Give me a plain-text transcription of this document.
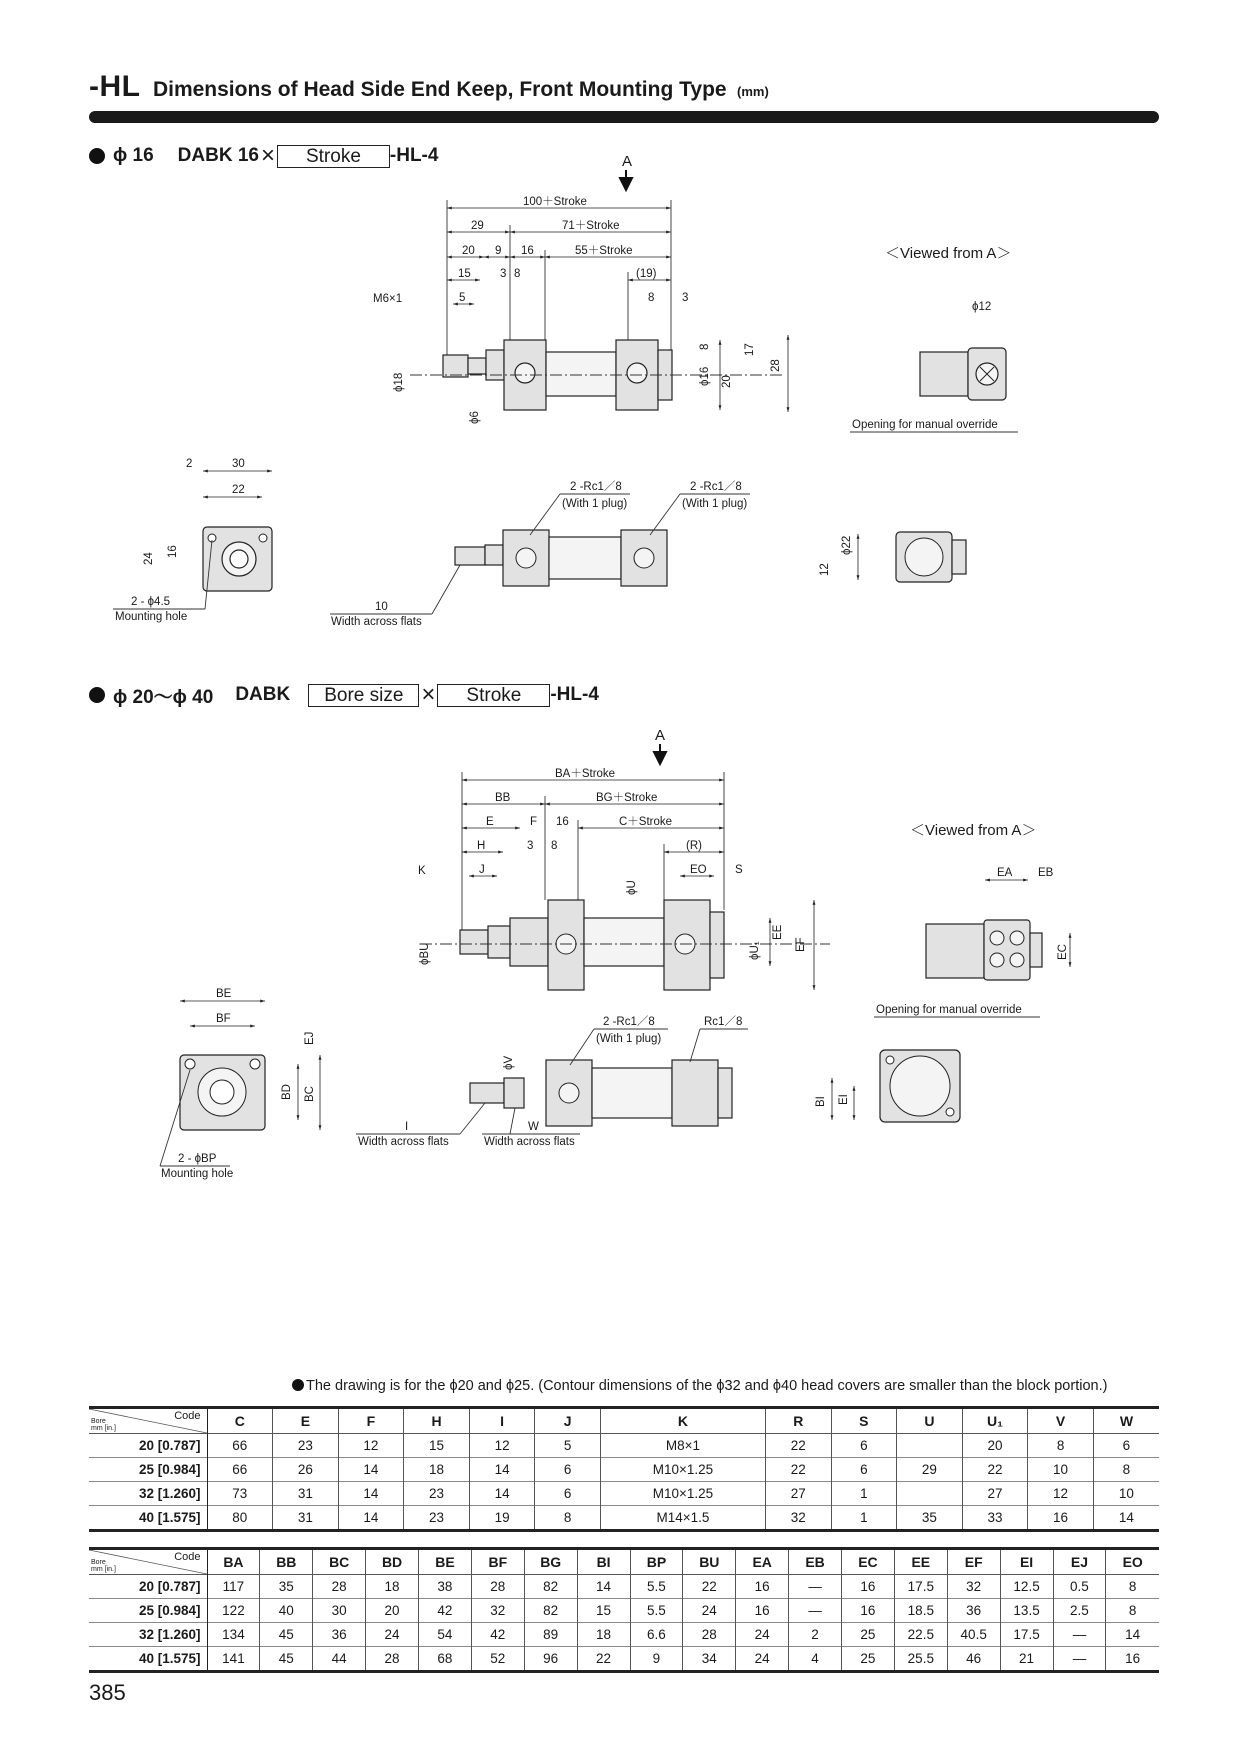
-HL Dimensions of Head Side End Keep, Front Mounting Type (mm)
ϕ 16 DABK 16 ×	Stroke	-HL-4
ϕ 20〜ϕ 40 DABK	Bore size ×	Stroke	-HL-4
A
100＋Stroke
29	71＋Stroke
20 9 16	55＋Stroke
15	3 8	(19)
M6×1	5	8 3
ϕ18
ϕ6
ϕ16 20
17
28
8
＜Viewed from A＞
ϕ12
Opening for manual override
2	30
22
24
16
2 - ϕ4.5
Mounting hole
2 -Rc1／8
(With 1 plug)
2 -Rc1／8
(With 1 plug)
10
Width across flats
ϕ22
12
A
BA＋Stroke
BB	BG＋Stroke
E	F 16	C＋Stroke
H	3 8	(R)
K	J
ϕU
EO S
ϕBU	ϕU₁
EE
EF
＜Viewed from A＞
EA EB
EC
Opening for manual override
BE
BF
EJ
BD BC
2 - ϕBP
Mounting hole
ϕV
2 -Rc1／8
(With 1 plug)
Rc1／8
I
Width across flats
W
Width across flats
BI EI
The drawing is for the ϕ20 and ϕ25. (Contour dimensions of the ϕ32 and ϕ40 head covers are smaller than the block portion.)
Code
Bore
mm [in.]	C	E	F	H	I	J	K	R	S	U	U₁	V	W
20 [0.787]	66	23	12	15	12	5	M8×1	22	6		20	8	6
25 [0.984]	66	26	14	18	14	6	M10×1.25	22	6	29	22	10	8
32 [1.260]	73	31	14	23	14	6	M10×1.25	27	1		27	12	10
40 [1.575]	80	31	14	23	19	8	M14×1.5	32	1	35	33	16	14
Code
Bore
mm [in.]	BA	BB	BC	BD	BE	BF	BG	BI	BP	BU	EA	EB	EC	EE	EF	EI	EJ	EO
20 [0.787]	117	35	28	18	38	28	82	14	5.5	22	16	—	16	17.5	32	12.5	0.5	8
25 [0.984]	122	40	30	20	42	32	82	15	5.5	24	16	—	16	18.5	36	13.5	2.5	8
32 [1.260]	134	45	36	24	54	42	89	18	6.6	28	24	2	25	22.5	40.5	17.5	—	14
40 [1.575]	141	45	44	28	68	52	96	22	9	34	24	4	25	25.5	46	21	—	16
385
